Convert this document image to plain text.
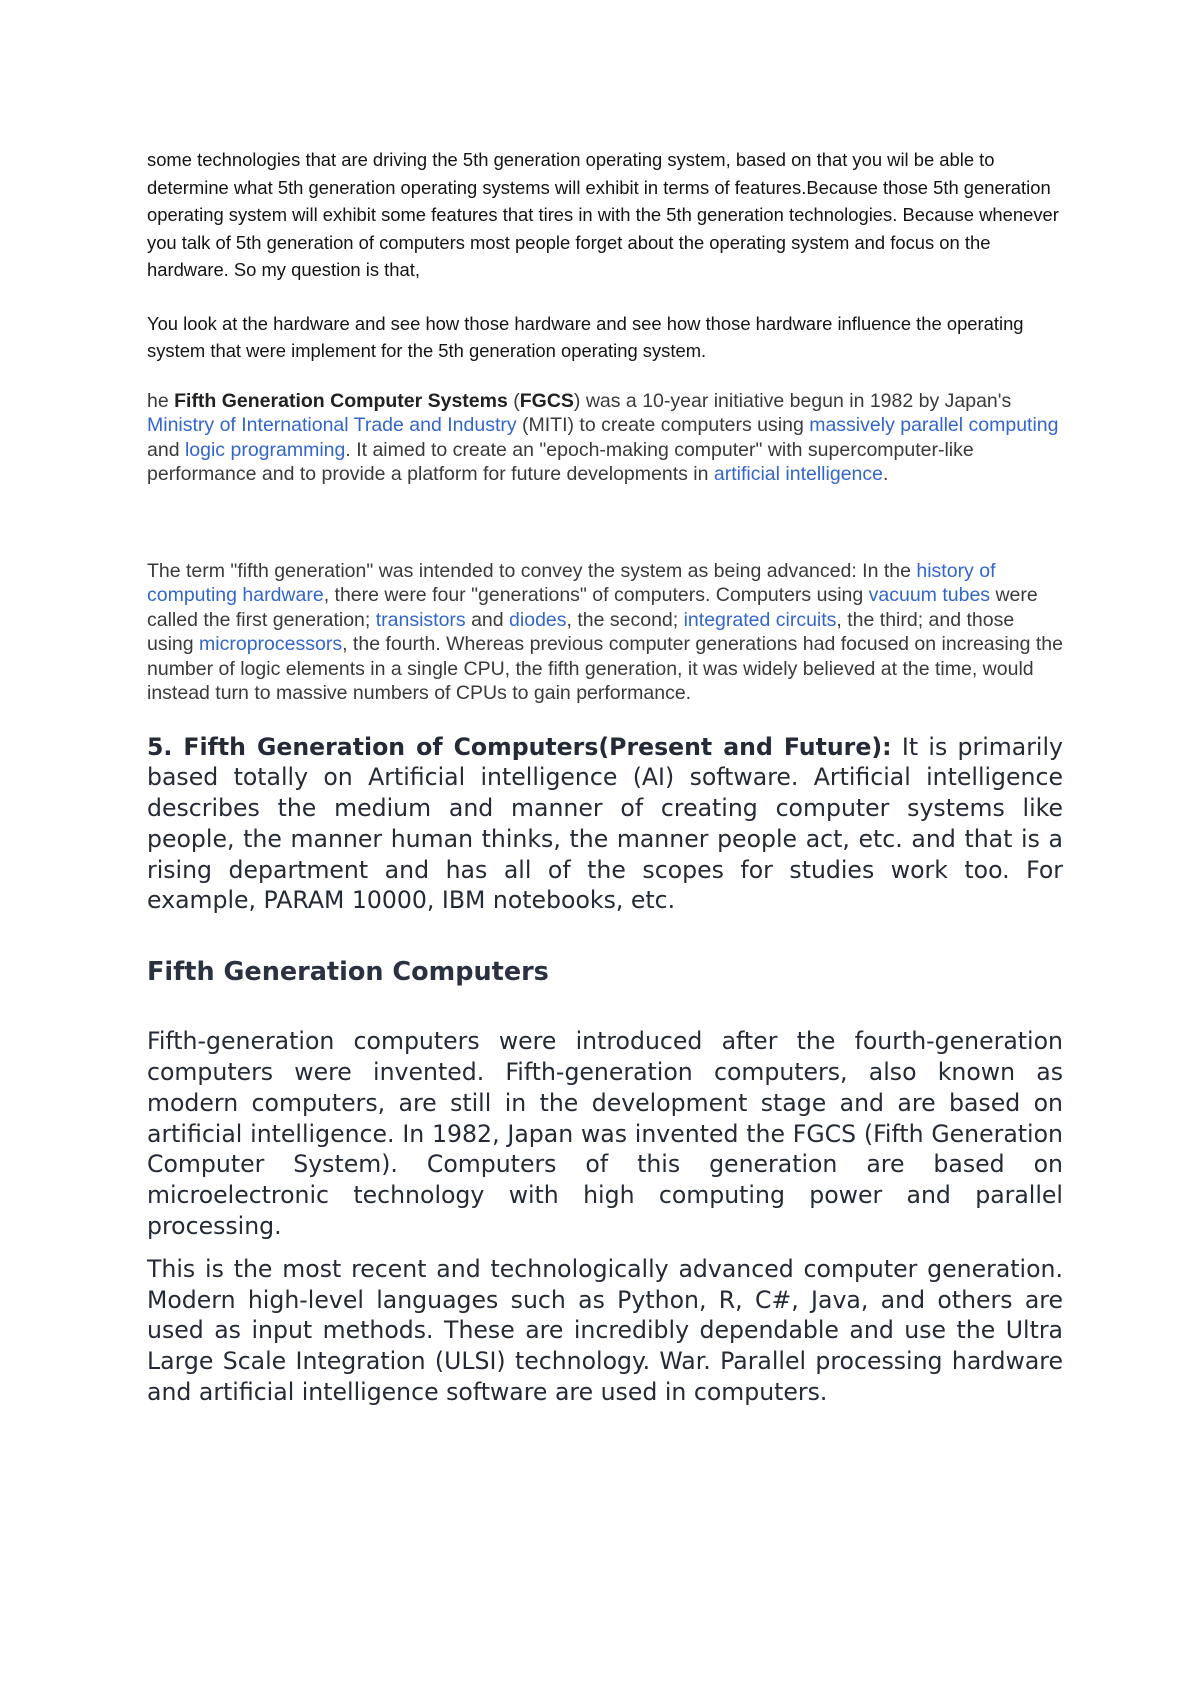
some technologies that are driving the 5th generation operating system, based on that you wil be able to determine what 5th generation operating systems will exhibit in terms of features.Because those 5th generation operating system will exhibit some features that tires in with the 5th generation technologies. Because whenever you talk of 5th generation of computers most people forget about the operating system and focus on the hardware. So my question is that,

You look at the hardware and see how those hardware and see how those hardware influence the operating system that were implement for the 5th generation operating system.

he Fifth Generation Computer Systems (FGCS) was a 10-year initiative begun in 1982 by Japan's Ministry of International Trade and Industry (MITI) to create computers using massively parallel computing and logic programming. It aimed to create an "epoch-making computer" with supercomputer-like performance and to provide a platform for future developments in artificial intelligence.

The term "fifth generation" was intended to convey the system as being advanced: In the history of computing hardware, there were four "generations" of computers. Computers using vacuum tubes were called the first generation; transistors and diodes, the second; integrated circuits, the third; and those using microprocessors, the fourth. Whereas previous computer generations had focused on increasing the number of logic elements in a single CPU, the fifth generation, it was widely believed at the time, would instead turn to massive numbers of CPUs to gain performance.

5. Fifth Generation of Computers(Present and Future): It is primarily based totally on Artificial intelligence (AI) software. Artificial intelligence describes the medium and manner of creating computer systems like people, the manner human thinks, the manner people act, etc. and that is a rising department and has all of the scopes for studies work too. For example, PARAM 10000, IBM notebooks, etc.

Fifth Generation Computers

Fifth-generation computers were introduced after the fourth-generation computers were invented. Fifth-generation computers, also known as modern computers, are still in the development stage and are based on artificial intelligence. In 1982, Japan was invented the FGCS (Fifth Generation Computer System). Computers of this generation are based on microelectronic technology with high computing power and parallel processing.

This is the most recent and technologically advanced computer generation. Modern high-level languages such as Python, R, C#, Java, and others are used as input methods. These are incredibly dependable and use the Ultra Large Scale Integration (ULSI) technology. War. Parallel processing hardware and artificial intelligence software are used in computers.
